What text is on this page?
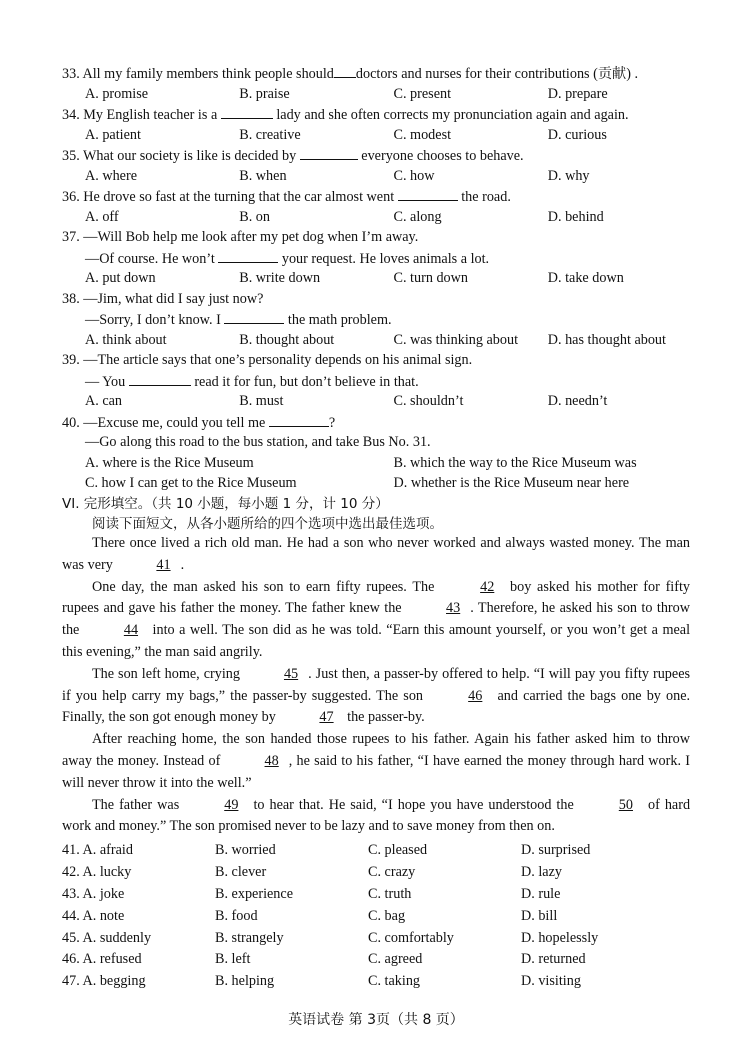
33. All my family members think people should doctors and nurses for their contributions (贡献) .
A. promise	B. praise	C. present	D. prepare
34. My English teacher is a	lady and she often corrects my pronunciation again and again.
A. patient	B. creative	C. modest	D. curious
35. What our society is like is decided by	everyone chooses to behave.
A. where	B. when	C. how	D. why
36. He drove so fast at the turning that the car almost went	the road.
A. off	B. on	C. along	D. behind
37. —Will Bob help me look after my pet dog when I’m away.
—Of course. He won’t	your request. He loves animals a lot.
A. put down	B. write down	C. turn down	D. take down
38. —Jim, what did I say just now?
—Sorry, I don’t know. I	the math problem.
A. think about	B. thought about	C. was thinking about	D. has thought about
39. —The article says that one’s personality depends on his animal sign.
— You	read it for fun, but don’t believe in that.
A. can	B. must	C. shouldn’t	D. needn’t
40. —Excuse me, could you tell me	?
—Go along this road to the bus station, and take Bus No. 31.
A. where is the Rice Museum	B. which the way to the Rice Museum was
C. how I can get to the Rice Museum	D. whether is the Rice Museum near here
VI. 完形填空。（共 10 小题，每小题 1 分，计 10 分）
阅读下面短文，从各小题所给的四个选项中选出最佳选项。

There once lived a rich old man. He had a son who never worked and always wasted money. The man was very	41 .

One day, the man asked his son to earn fifty rupees. The	42 boy asked his mother for fifty rupees and gave his father the money. The father knew the	43 . Therefore, he asked his son to throw the	44 into a well. The son did as he was told. “Earn this amount yourself, or you won’t get a meal this evening,” the man said angrily.

The son left home, crying	45 . Just then, a passer-by offered to help. “I will pay you fifty rupees if you help carry my bags,” the passer-by suggested. The son	46 and carried the bags one by one. Finally, the son got enough money by	47 the passer-by.

After reaching home, the son handed those rupees to his father. Again his father asked him to throw away the money. Instead of	48 , he said to his father, “I have earned the money through hard work. I will never throw it into the well.”

The father was	49 to hear that. He said, “I hope you have understood the	50 of hard work and money.” The son promised never to be lazy and to save money from then on.

41. A. afraid	B. worried	C. pleased	D. surprised
42. A. lucky	B. clever	C. crazy	D. lazy
43. A. joke	B. experience	C. truth	D. rule
44. A. note	B. food	C. bag	D. bill
45. A. suddenly	B. strangely	C. comfortably	D. hopelessly
46. A. refused	B. left	C. agreed	D. returned
47. A. begging	B. helping	C. taking	D. visiting
英语试卷 第 3页（共 8 页）
